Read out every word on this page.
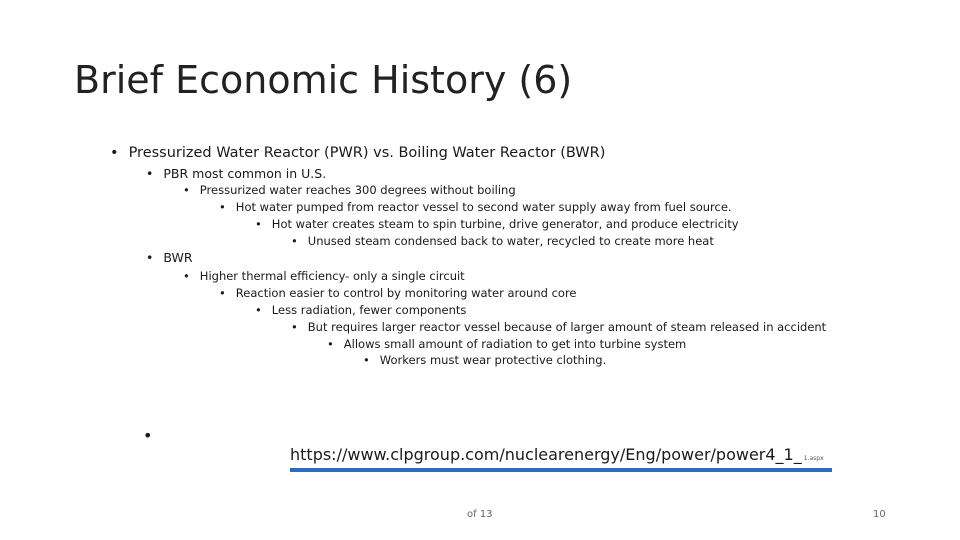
Brief Economic History (6)
• Pressurized Water Reactor (PWR) vs. Boiling Water Reactor (BWR)
• PBR most common in U.S.
• Pressurized water reaches 300 degrees without boiling
• Hot water pumped from reactor vessel to second water supply away from fuel source.
• Hot water creates steam to spin turbine, drive generator, and produce electricity
• Unused steam condensed back to water, recycled to create more heat
• BWR
• Higher thermal efficiency- only a single circuit
• Reaction easier to control by monitoring water around core
• Less radiation, fewer components
• But requires larger reactor vessel because of larger amount of steam released in accident
• Allows small amount of radiation to get into turbine system
• Workers must wear protective clothing.
•
https://www.clpgroup.com/nuclearenergy/Eng/power/power4_1_ 1.aspx
of 13	10
